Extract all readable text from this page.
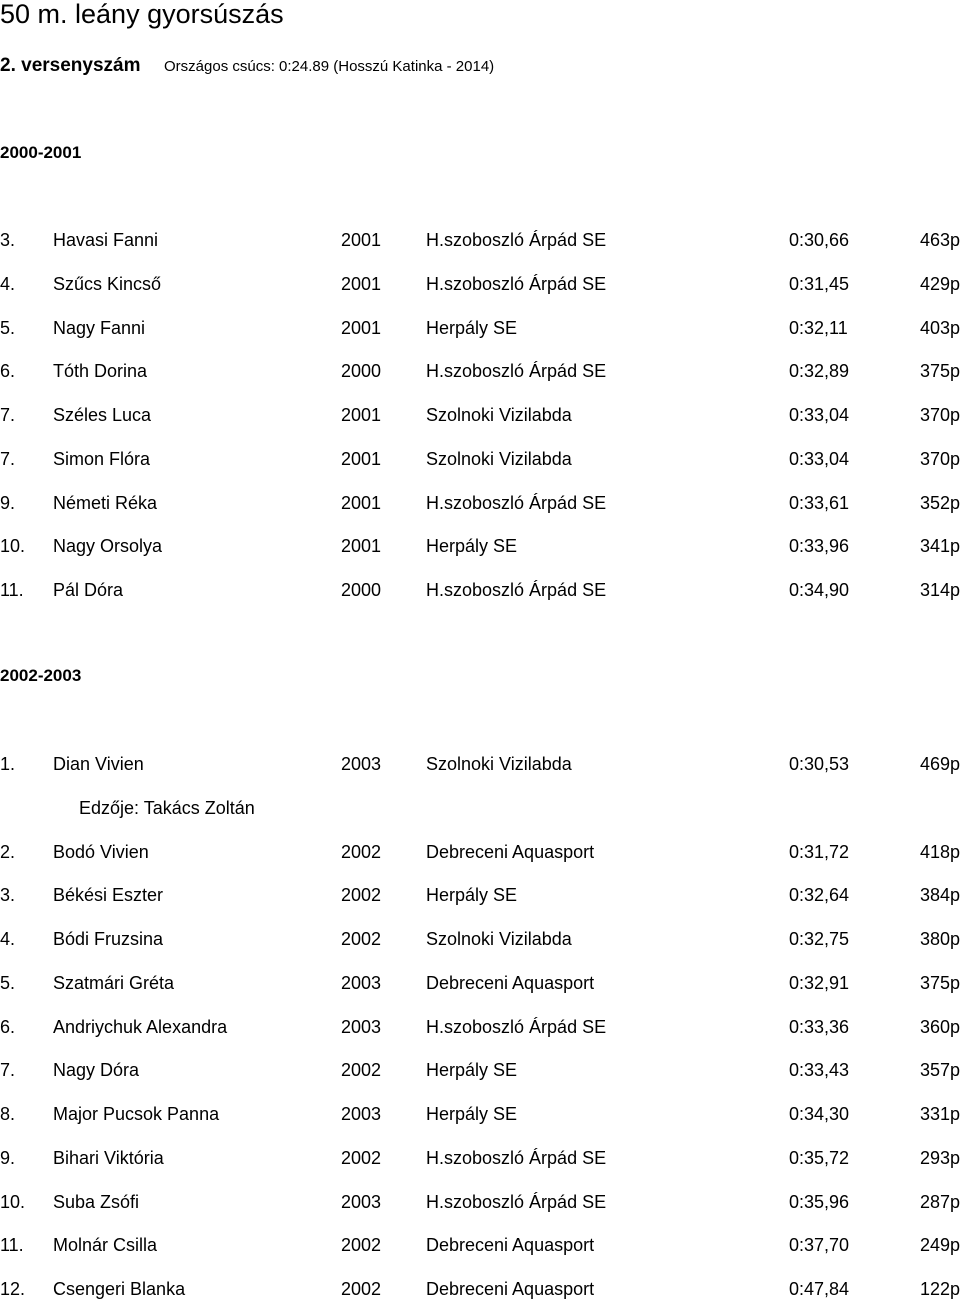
50 m. leány gyorsúszás
2. versenyszám Országos csúcs: 0:24.89 (Hosszú Katinka - 2014)
2000-2001
3. Havasi Fanni	2001 H.szoboszló Árpád SE	0:30,66	463p
4. Szűcs Kincső	2001 H.szoboszló Árpád SE	0:31,45	429p
5. Nagy Fanni	2001 Herpály SE	0:32,11	403p
6. Tóth Dorina	2000 H.szoboszló Árpád SE	0:32,89	375p
7. Széles Luca	2001 Szolnoki Vizilabda	0:33,04	370p
7. Simon Flóra	2001 Szolnoki Vizilabda	0:33,04	370p
9. Németi Réka	2001 H.szoboszló Árpád SE	0:33,61	352p
10. Nagy Orsolya	2001 Herpály SE	0:33,96	341p
11. Pál Dóra	2000 H.szoboszló Árpád SE	0:34,90	314p
2002-2003
1. Dian Vivien	2003 Szolnoki Vizilabda	0:30,53	469p
Edzője: Takács Zoltán
2. Bodó Vivien	2002 Debreceni Aquasport	0:31,72	418p
3. Békési Eszter	2002 Herpály SE	0:32,64	384p
4. Bódi Fruzsina	2002 Szolnoki Vizilabda	0:32,75	380p
5. Szatmári Gréta	2003 Debreceni Aquasport	0:32,91	375p
6. Andriychuk Alexandra	2003 H.szoboszló Árpád SE	0:33,36	360p
7. Nagy Dóra	2002 Herpály SE	0:33,43	357p
8. Major Pucsok Panna	2003 Herpály SE	0:34,30	331p
9. Bihari Viktória	2002 H.szoboszló Árpád SE	0:35,72	293p
10. Suba Zsófi	2003 H.szoboszló Árpád SE	0:35,96	287p
11. Molnár Csilla	2002 Debreceni Aquasport	0:37,70	249p
12. Csengeri Blanka	2002 Debreceni Aquasport	0:47,84	122p
